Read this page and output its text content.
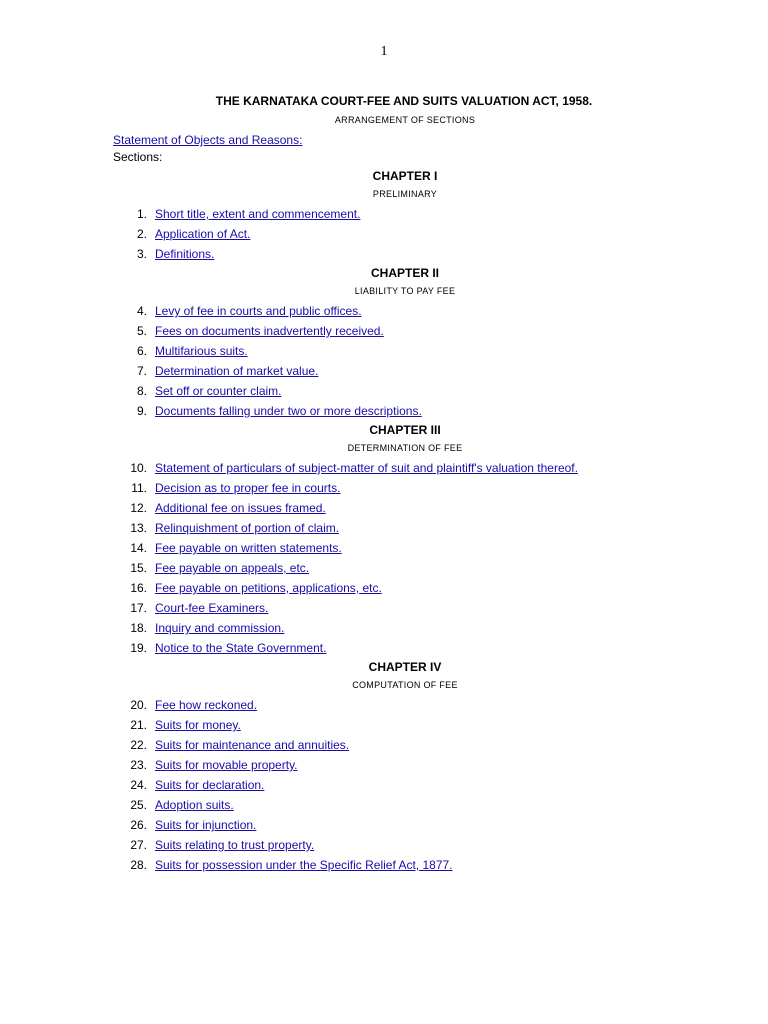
1
THE KARNATAKA COURT-FEE AND SUITS VALUATION ACT, 1958.
ARRANGEMENT OF SECTIONS
Statement of Objects and Reasons:
Sections:
CHAPTER I
PRELIMINARY
1. Short title, extent and commencement.
2. Application of Act.
3. Definitions.
CHAPTER II
LIABILITY TO PAY FEE
4. Levy of fee in courts and public offices.
5. Fees on documents inadvertently received.
6. Multifarious suits.
7. Determination of market value.
8. Set off or counter claim.
9. Documents falling under two or more descriptions.
CHAPTER III
DETERMINATION OF FEE
10. Statement of particulars of subject-matter of suit and plaintiff's valuation thereof.
11. Decision as to proper fee in courts.
12. Additional fee on issues framed.
13. Relinquishment of portion of claim.
14. Fee payable on written statements.
15. Fee payable on appeals, etc.
16. Fee payable on petitions, applications, etc.
17. Court-fee Examiners.
18. Inquiry and commission.
19. Notice to the State Government.
CHAPTER IV
COMPUTATION OF FEE
20. Fee how reckoned.
21. Suits for money.
22. Suits for maintenance and annuities.
23. Suits for movable property.
24. Suits for declaration.
25. Adoption suits.
26. Suits for injunction.
27. Suits relating to trust property.
28. Suits for possession under the Specific Relief Act, 1877.
